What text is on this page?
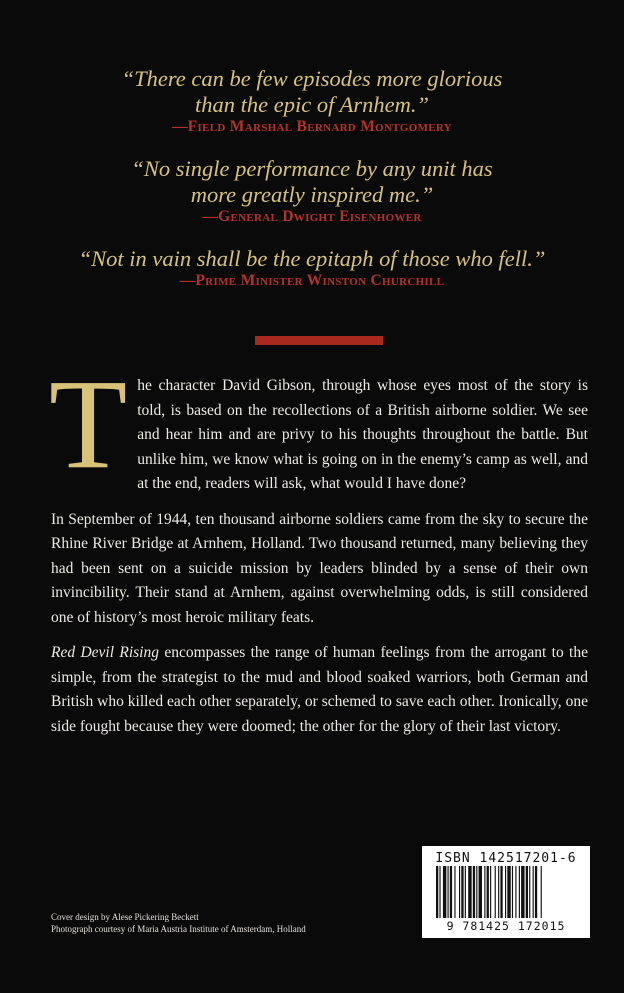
“There can be few episodes more glorious
than the epic of Arnhem.”
—Field Marshal Bernard Montgomery
“No single performance by any unit has
more greatly inspired me.”
—General Dwight Eisenhower
“Not in vain shall be the epitaph of those who fell.”
—Prime Minister Winston Churchill

The character David Gibson, through whose eyes most of the story is told, is based on the recollections of a British airborne soldier. We see and hear him and are privy to his thoughts throughout the battle. But unlike him, we know what is going on in the enemy’s camp as well, and at the end, readers will ask, what would I have done?

In September of 1944, ten thousand airborne soldiers came from the sky to secure the Rhine River Bridge at Arnhem, Holland. Two thousand returned, many believing they had been sent on a suicide mission by leaders blinded by a sense of their own invincibility. Their stand at Arnhem, against overwhelming odds, is still considered one of history’s most heroic military feats.

Red Devil Rising encompasses the range of human feelings from the arrogant to the simple, from the strategist to the mud and blood soaked warriors, both German and British who killed each other separately, or schemed to save each other. Ironically, one side fought because they were doomed; the other for the glory of their last victory.

Cover design by Alese Pickering Beckett
Photograph courtesy of Maria Austria Institute of Amsterdam, Holland
ISBN 142517201-6
9 781425 172015
